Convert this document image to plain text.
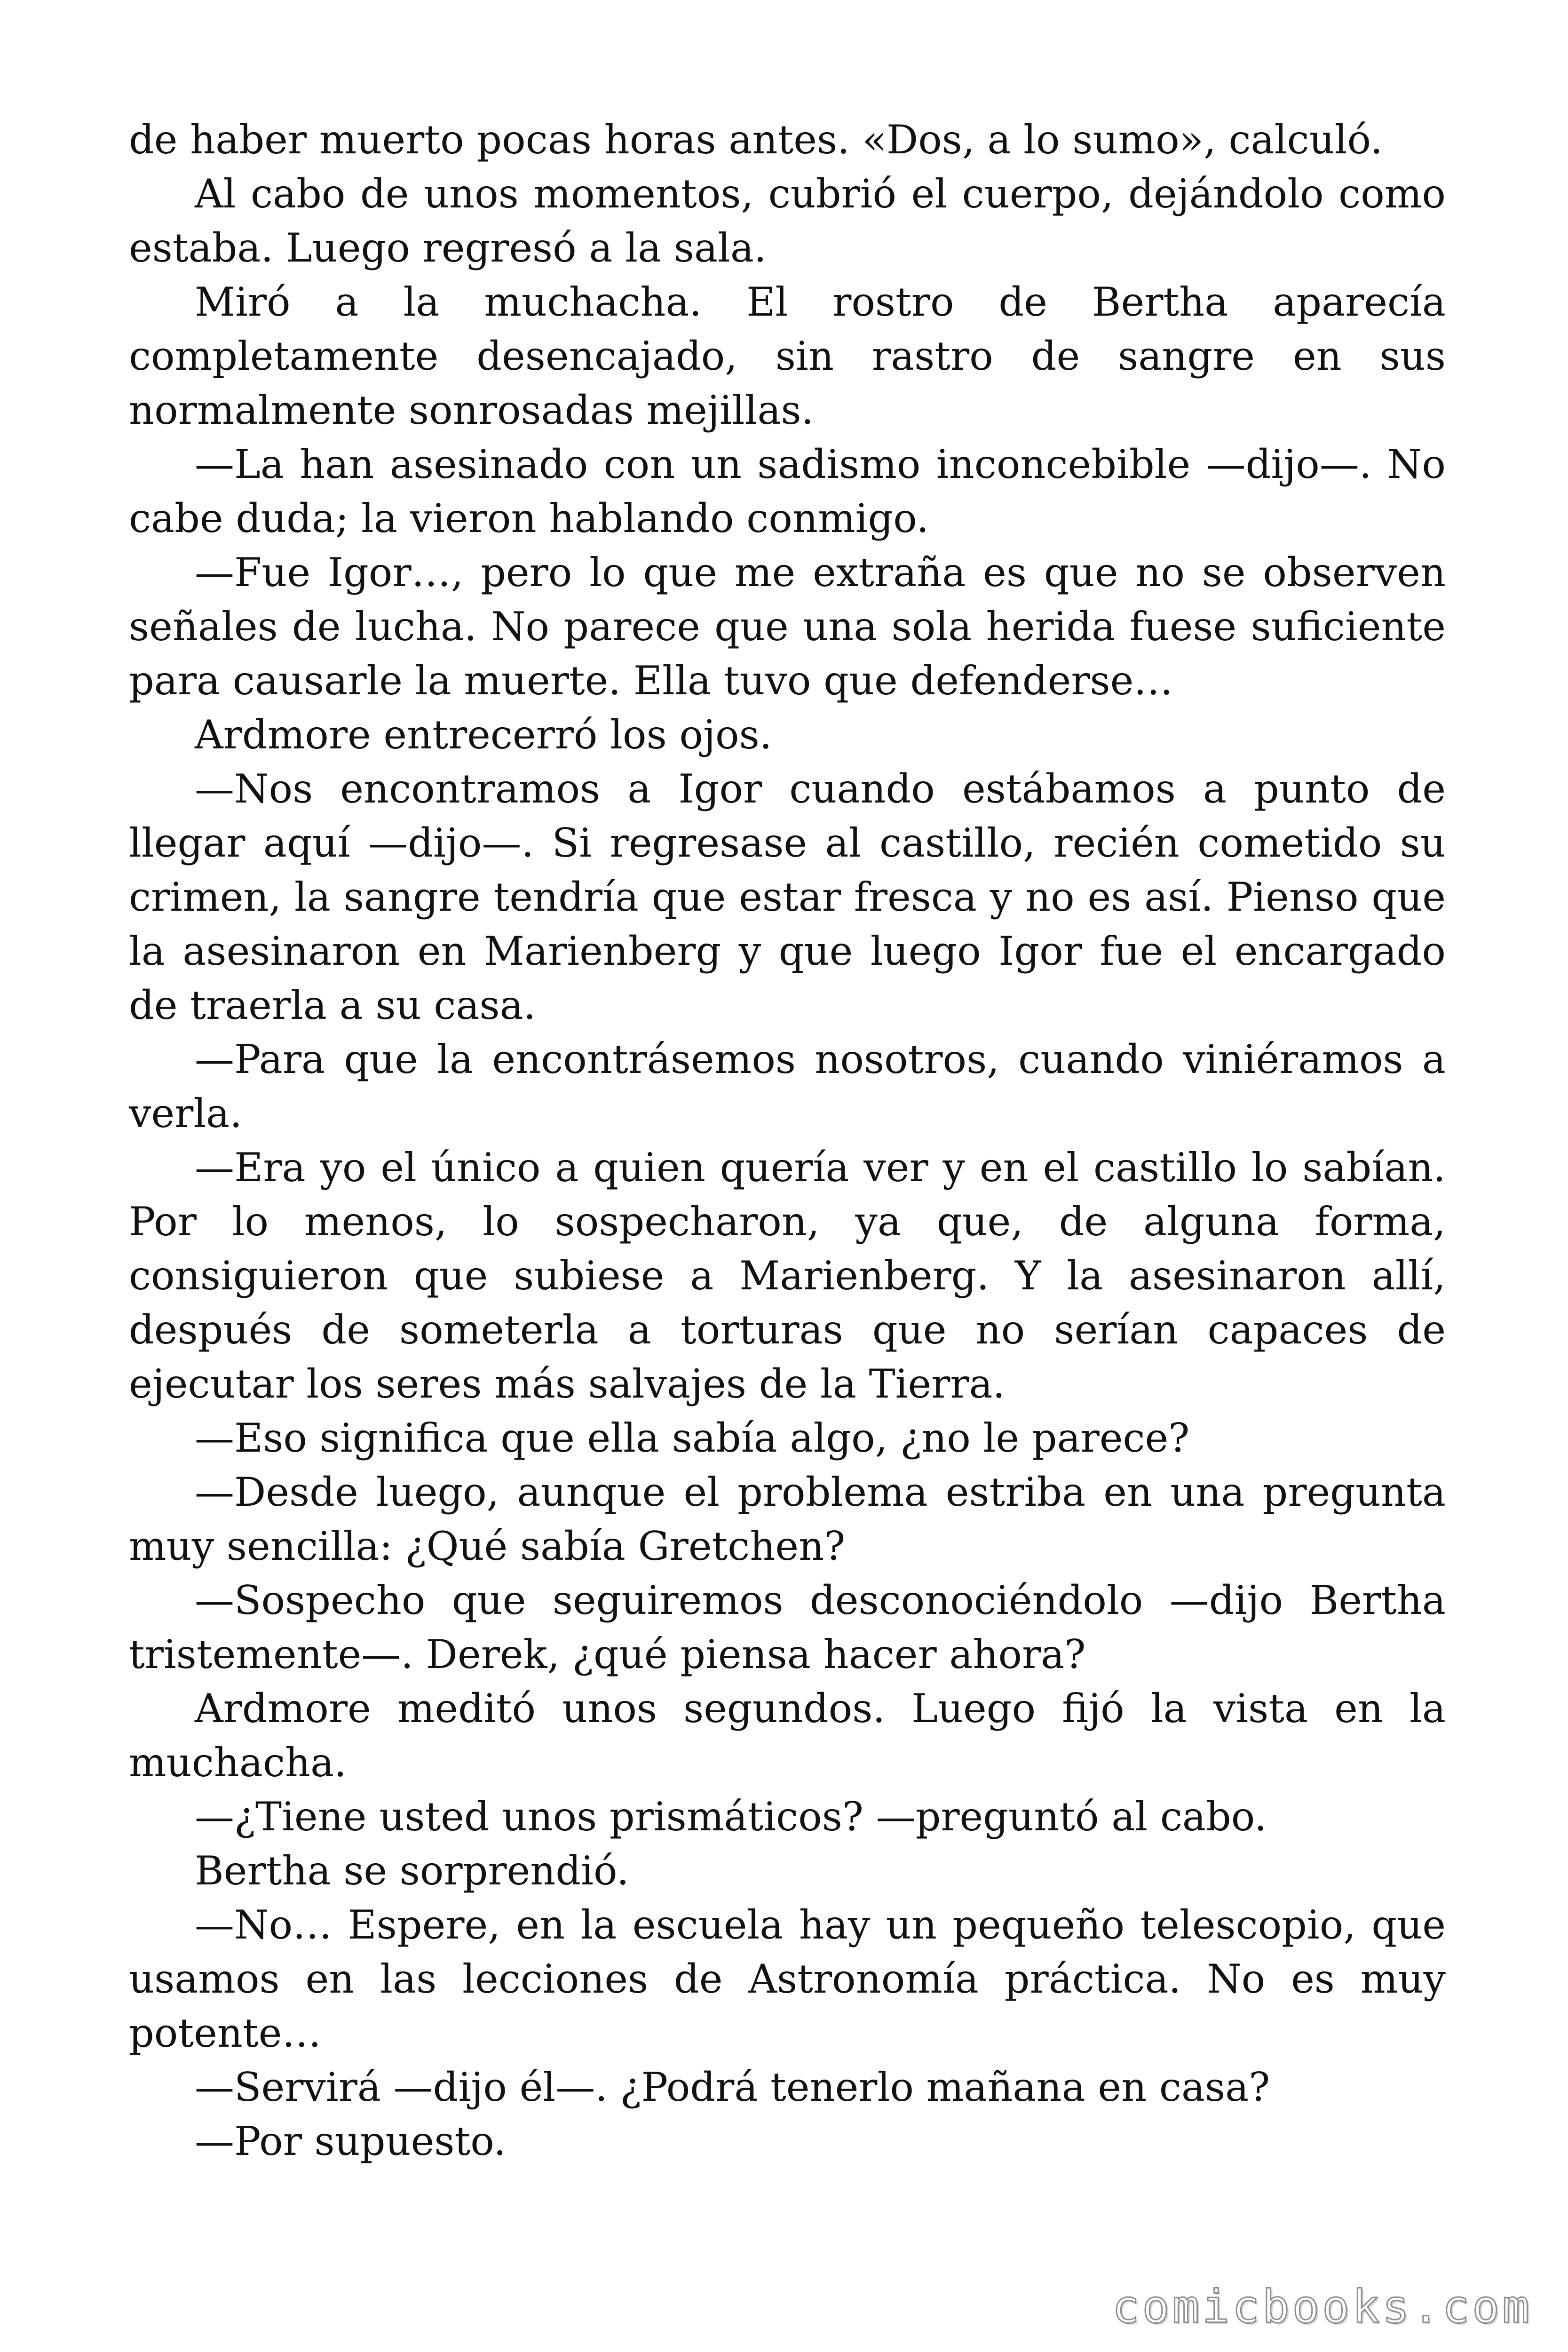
de haber muerto pocas horas antes. «Dos, a lo sumo», calculó.

Al cabo de unos momentos, cubrió el cuerpo, dejándolo como estaba. Luego regresó a la sala.

Miró a la muchacha. El rostro de Bertha aparecía completamente desencajado, sin rastro de sangre en sus normalmente sonrosadas mejillas.

—La han asesinado con un sadismo inconcebible —dijo—. No cabe duda; la vieron hablando conmigo.

—Fue Igor…, pero lo que me extraña es que no se observen señales de lucha. No parece que una sola herida fuese suficiente para causarle la muerte. Ella tuvo que defenderse…

Ardmore entrecerró los ojos.

—Nos encontramos a Igor cuando estábamos a punto de llegar aquí —dijo—. Si regresase al castillo, recién cometido su crimen, la sangre tendría que estar fresca y no es así. Pienso que la asesinaron en Marienberg y que luego Igor fue el encargado de traerla a su casa.

—Para que la encontrásemos nosotros, cuando viniéramos a verla.

—Era yo el único a quien quería ver y en el castillo lo sabían. Por lo menos, lo sospecharon, ya que, de alguna forma, consiguieron que subiese a Marienberg. Y la asesinaron allí, después de someterla a torturas que no serían capaces de ejecutar los seres más salvajes de la Tierra.

—Eso significa que ella sabía algo, ¿no le parece?

—Desde luego, aunque el problema estriba en una pregunta muy sencilla: ¿Qué sabía Gretchen?

—Sospecho que seguiremos desconociéndolo —dijo Bertha tristemente—. Derek, ¿qué piensa hacer ahora?

Ardmore meditó unos segundos. Luego fijó la vista en la muchacha.

—¿Tiene usted unos prismáticos? —preguntó al cabo.

Bertha se sorprendió.

—No… Espere, en la escuela hay un pequeño telescopio, que usamos en las lecciones de Astronomía práctica. No es muy potente…

—Servirá —dijo él—. ¿Podrá tenerlo mañana en casa?

—Por supuesto.

comicbooks.com
